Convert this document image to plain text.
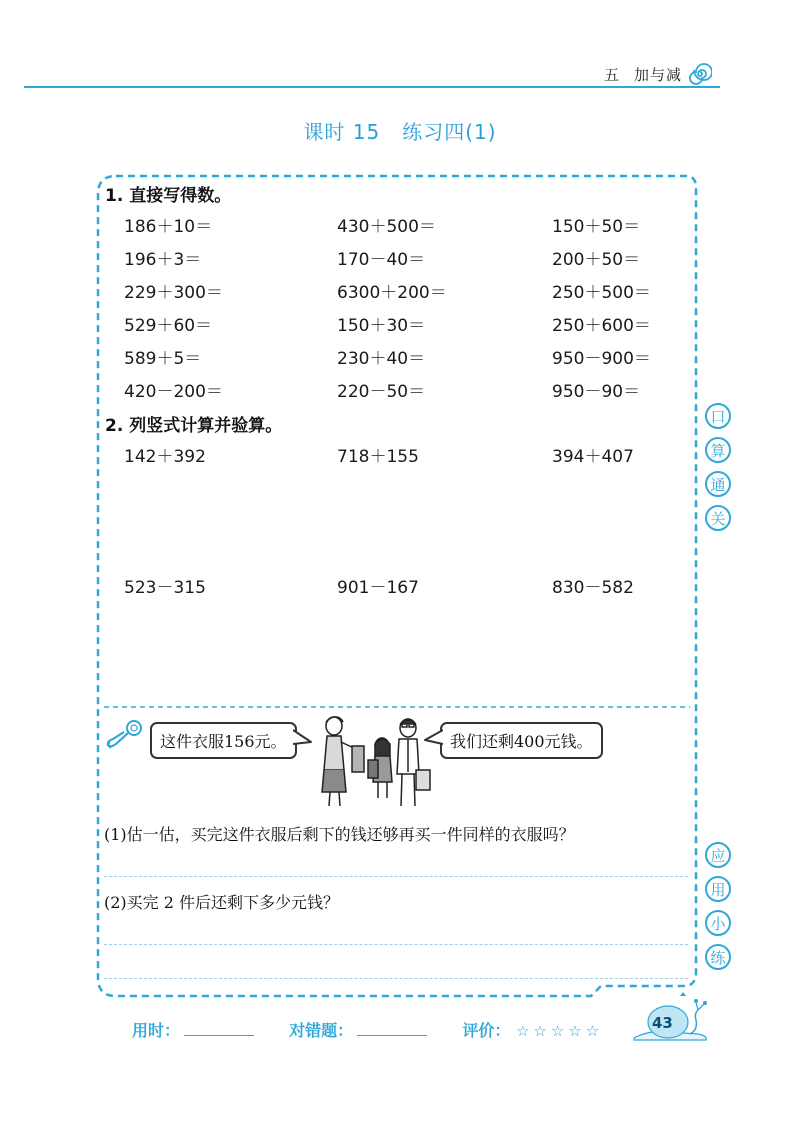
五 加与减
课时 15 练习四(1)
1. 直接写得数。
186＋10＝	430＋500＝	150＋50＝
196＋3＝	170－40＝	200＋50＝
229＋300＝	6300＋200＝	250＋500＝
529＋60＝	150＋30＝	250＋600＝
589＋5＝	230＋40＝	950－900＝
420－200＝	220－50＝	950－90＝
2. 列竖式计算并验算。
142＋392	718＋155	394＋407
523－315	901－167	830－582
口
算
通
关
应
用
小
练
这件衣服156元。	我们还剩400元钱。
(1)估一估，买完这件衣服后剩下的钱还够再买一件同样的衣服吗？
(2)买完 2 件后还剩下多少元钱？
用时：	对错题：	评价： ☆ ☆ ☆ ☆ ☆	43
